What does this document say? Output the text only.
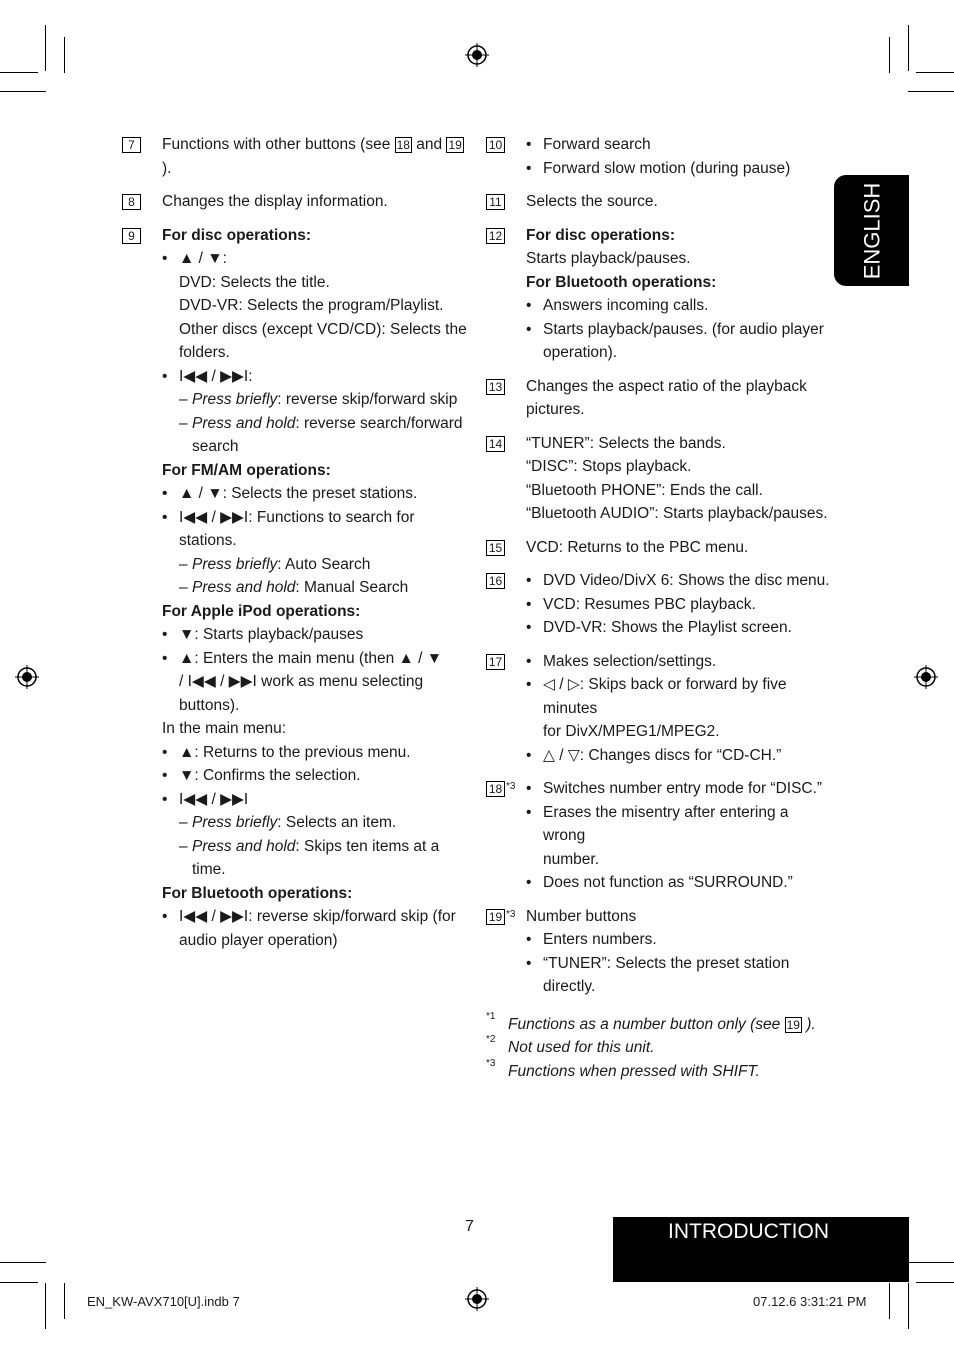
ENGLISH
7	Functions with other buttons (see 18 and 19).
8	Changes the display information.
9	For disc operations:
• ▲ / ▼:
DVD: Selects the title.
DVD-VR: Selects the program/Playlist.
Other discs (except VCD/CD): Selects the
folders.
• I◀◀ / ▶▶I:
– Press briefly: reverse skip/forward skip
– Press and hold: reverse search/forward
search
For FM/AM operations:
• ▲ / ▼: Selects the preset stations.
• I◀◀ / ▶▶I: Functions to search for stations.
– Press briefly: Auto Search
– Press and hold: Manual Search
For Apple iPod operations:
• ▼: Starts playback/pauses
• ▲: Enters the main menu (then ▲ / ▼
/ I◀◀ / ▶▶I work as menu selecting
buttons).
In the main menu:
• ▲: Returns to the previous menu.
• ▼: Confirms the selection.
• I◀◀ / ▶▶I
– Press briefly: Selects an item.
– Press and hold: Skips ten items at a time.
For Bluetooth operations:
• I◀◀ / ▶▶I: reverse skip/forward skip (for
audio player operation)
10	• Forward search
• Forward slow motion (during pause)
11 Selects the source.
12 For disc operations:
Starts playback/pauses.
For Bluetooth operations:
• Answers incoming calls.
• Starts playback/pauses. (for audio player
operation).
13 Changes the aspect ratio of the playback
pictures.
14 “TUNER”: Selects the bands.
“DISC”: Stops playback.
“Bluetooth PHONE”: Ends the call.
“Bluetooth AUDIO”: Starts playback/pauses.
15 VCD: Returns to the PBC menu.
16	• DVD Video/DivX 6: Shows the disc menu.
• VCD: Resumes PBC playback.
• DVD-VR: Shows the Playlist screen.
17	• Makes selection/settings.
• ◁ / ▷: Skips back or forward by five minutes
for DivX/MPEG1/MPEG2.
• △ / ▽: Changes discs for “CD-CH.”
18 *3	• Switches number entry mode for “DISC.”
• Erases the misentry after entering a wrong
number.
• Does not function as “SURROUND.”
19 *3 Number buttons
• Enters numbers.
• “TUNER”: Selects the preset station directly.
*1 Functions as a number button only (see 19 ).
*2 Not used for this unit.
*3 Functions when pressed with SHIFT.
7	INTRODUCTION
EN_KW-AVX710[U].indb 7	07.12.6 3:31:21 PM
